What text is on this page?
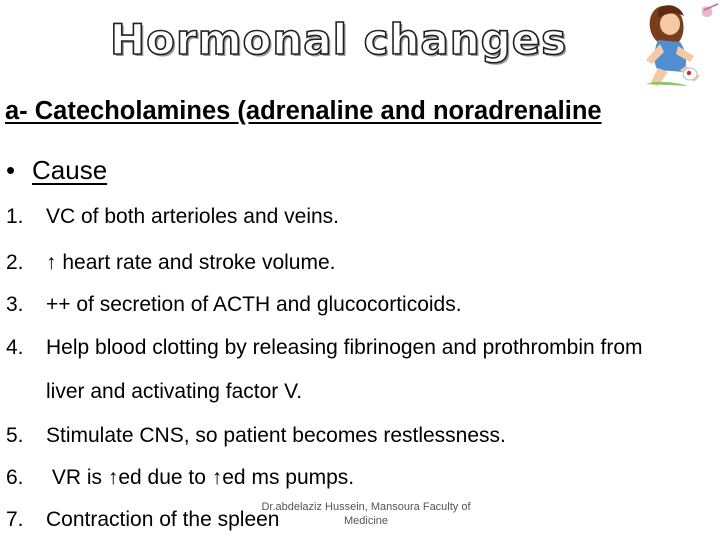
Hormonal changes
a- Catecholamines (adrenaline and noradrenaline
• Cause
1. VC of both arterioles and veins.
2. ↑ heart rate and stroke volume.
3. ++ of secretion of ACTH and glucocorticoids.
4. Help blood clotting by releasing fibrinogen and prothrombin from
liver and activating factor V.
5. Stimulate CNS, so patient becomes restlessness.
6. VR is ↑ed due to ↑ed ms pumps.
7. Contraction of the spleen
Dr.abdelaziz Hussein, Mansoura Faculty of
Medicine
